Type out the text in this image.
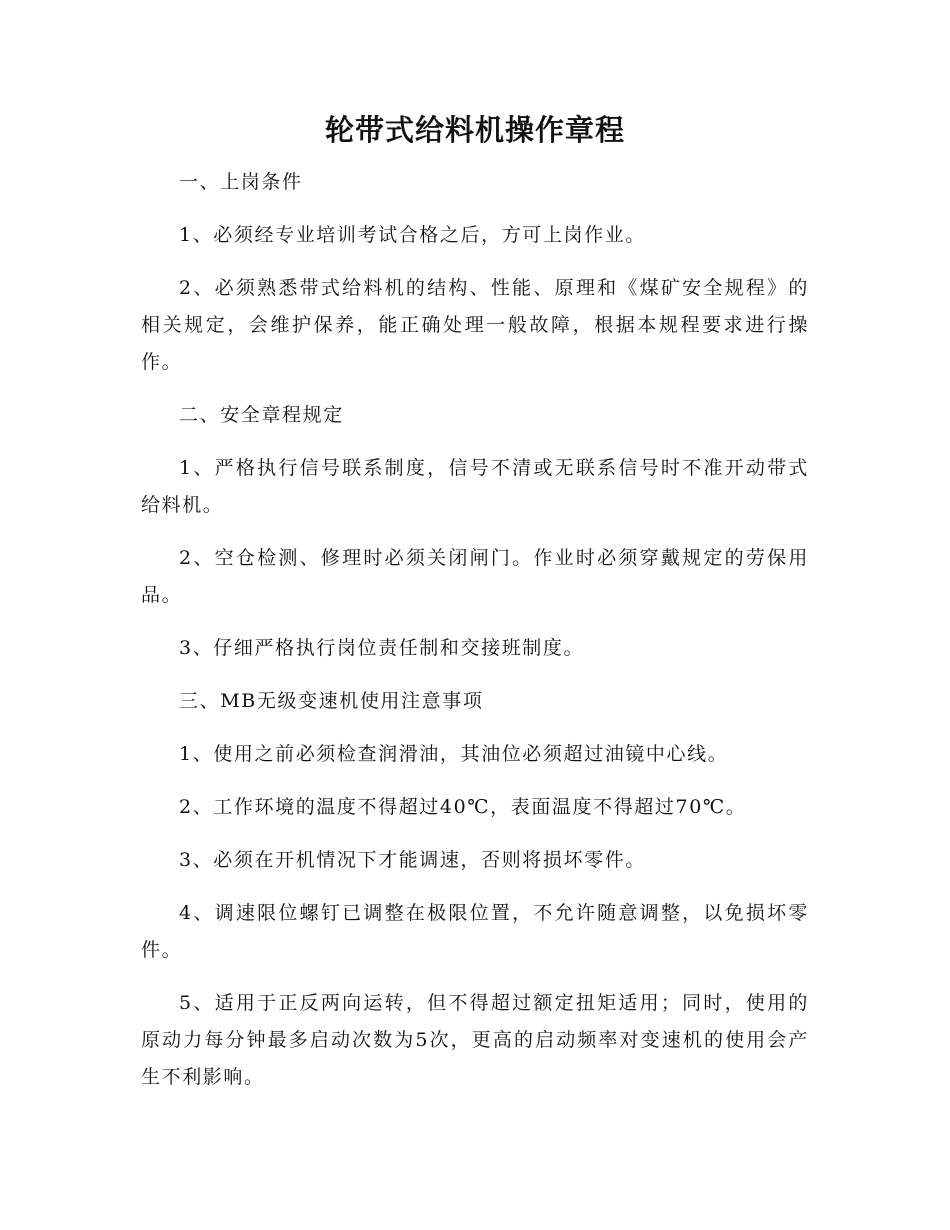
轮带式给料机操作章程

一、上岗条件

1、必须经专业培训考试合格之后，方可上岗作业。

2、必须熟悉带式给料机的结构、性能、原理和《煤矿安全规程》的相关规定，会维护保养，能正确处理一般故障，根据本规程要求进行操作。

二、安全章程规定

1、严格执行信号联系制度，信号不清或无联系信号时不准开动带式给料机。

2、空仓检测、修理时必须关闭闸门。作业时必须穿戴规定的劳保用品。

3、仔细严格执行岗位责任制和交接班制度。

三、MB无级变速机使用注意事项

1、使用之前必须检查润滑油，其油位必须超过油镜中心线。

2、工作环境的温度不得超过40℃，表面温度不得超过70℃。

3、必须在开机情况下才能调速，否则将损坏零件。

4、调速限位螺钉已调整在极限位置，不允许随意调整，以免损坏零件。

5、适用于正反两向运转，但不得超过额定扭矩适用；同时，使用的原动力每分钟最多启动次数为5次，更高的启动频率对变速机的使用会产生不利影响。
